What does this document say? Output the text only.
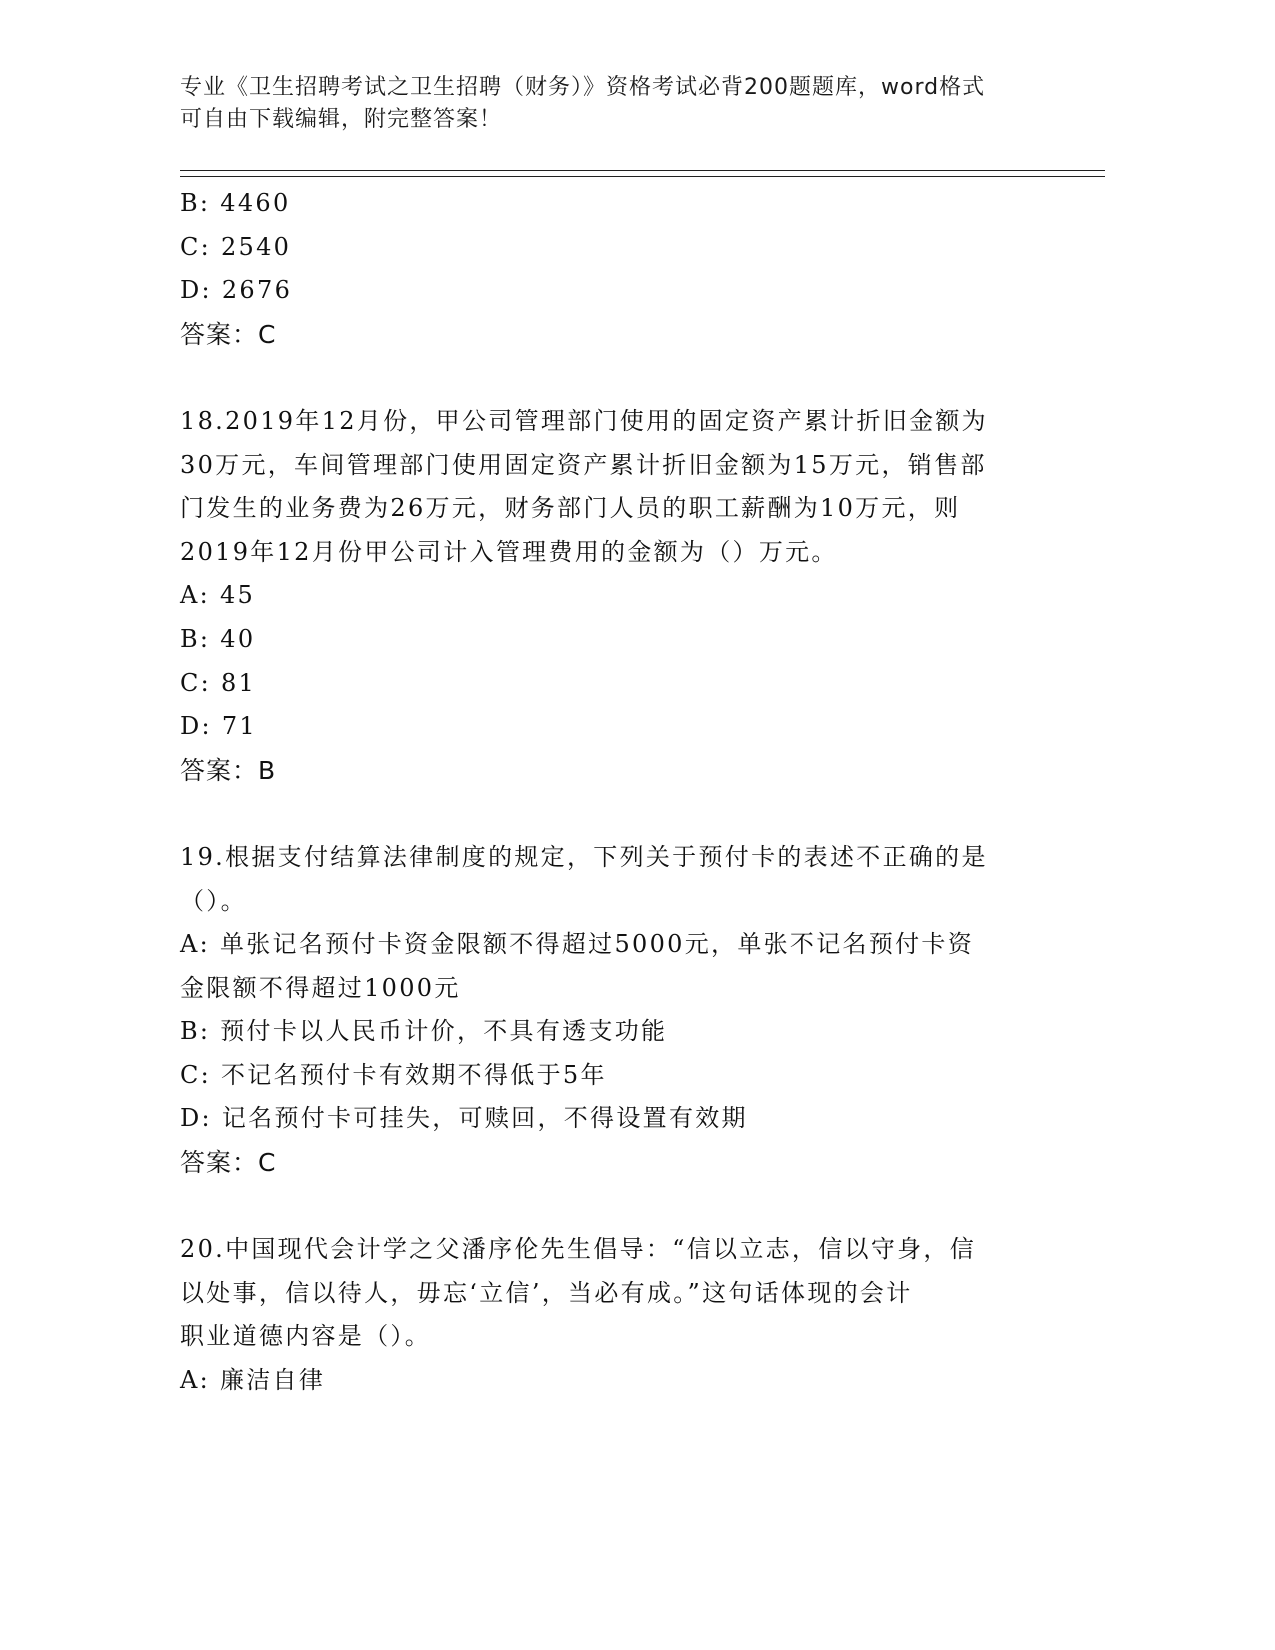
专业《卫生招聘考试之卫生招聘（财务）》资格考试必背200题题库，word格式
可自由下载编辑，附完整答案！
B: 4460
C: 2540
D: 2676
答案：C
18.2019年12月份，甲公司管理部门使用的固定资产累计折旧金额为
30万元，车间管理部门使用固定资产累计折旧金额为15万元，销售部
门发生的业务费为26万元，财务部门人员的职工薪酬为10万元，则
2019年12月份甲公司计入管理费用的金额为（）万元。
A: 45
B: 40
C: 81
D: 71
答案：B
19.根据支付结算法律制度的规定，下列关于预付卡的表述不正确的是
（）。
A: 单张记名预付卡资金限额不得超过5000元，单张不记名预付卡资
金限额不得超过1000元
B: 预付卡以人民币计价，不具有透支功能
C: 不记名预付卡有效期不得低于5年
D: 记名预付卡可挂失，可赎回，不得设置有效期
答案：C
20.中国现代会计学之父潘序伦先生倡导：“信以立志，信以守身，信
以处事，信以待人，毋忘‘立信’，当必有成。”这句话体现的会计
职业道德内容是（）。
A: 廉洁自律
